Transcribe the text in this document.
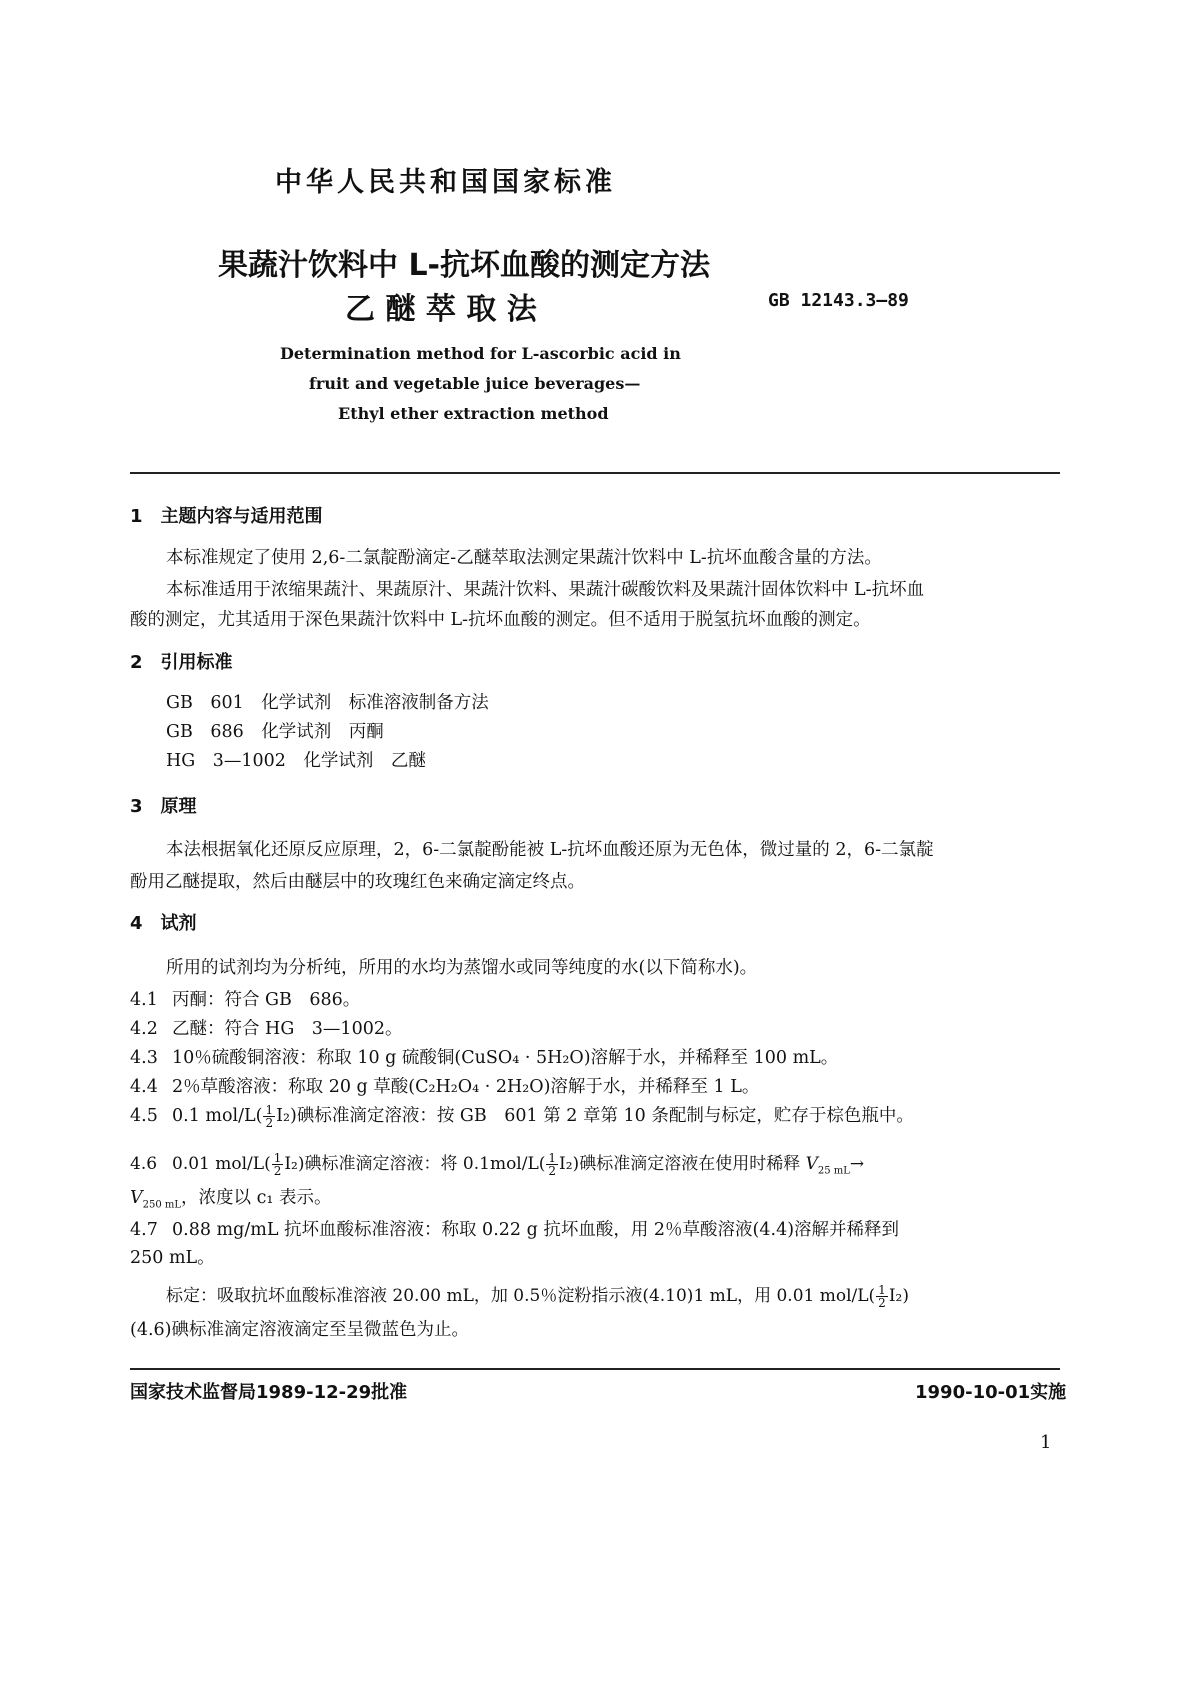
中华人民共和国国家标准
果蔬汁饮料中 L-抗坏血酸的测定方法
乙 醚 萃 取 法	GB 12143.3—89
Determination method for L-ascorbic acid in
fruit and vegetable juice beverages—
Ethyl ether extraction method
1　主题内容与适用范围
本标准规定了使用 2,6-二氯靛酚滴定-乙醚萃取法测定果蔬汁饮料中 L-抗坏血酸含量的方法。
本标准适用于浓缩果蔬汁、果蔬原汁、果蔬汁饮料、果蔬汁碳酸饮料及果蔬汁固体饮料中 L-抗坏血
酸的测定，尤其适用于深色果蔬汁饮料中 L-抗坏血酸的测定。但不适用于脱氢抗坏血酸的测定。
2　引用标准
GB　601　化学试剂　标准溶液制备方法
GB　686　化学试剂　丙酮
HG　3—1002　化学试剂　乙醚
3　原理
本法根据氧化还原反应原理，2，6-二氯靛酚能被 L-抗坏血酸还原为无色体，微过量的 2，6-二氯靛
酚用乙醚提取，然后由醚层中的玫瑰红色来确定滴定终点。
4　试剂
所用的试剂均为分析纯，所用的水均为蒸馏水或同等纯度的水(以下简称水)。
4.1 丙酮：符合 GB　686。
4.2 乙醚：符合 HG　3—1002。
4.3 10％硫酸铜溶液：称取 10 g 硫酸铜(CuSO₄ · 5H₂O)溶解于水，并稀释至 100 mL。
4.4 2％草酸溶液：称取 20 g 草酸(C₂H₂O₄ · 2H₂O)溶解于水，并稀释至 1 L。
4.5 0.1 $mol/L( \frac{1}{2} I_2)$碘标准滴定溶液：按 GB　601 第 2 章第 10 条配制与标定，贮存于棕色瓶中。
4.6 0.01 $mol/L( \frac{1}{2} I_2)$碘标准滴定溶液：将 $0.1mol/L( \frac{1}{2} I_2)$碘标准滴定溶液在使用时稀释 $V_{25 mL}\to$
$V_{250 mL}$，浓度以 c₁ 表示。
4.7 0.88 mg/mL 抗坏血酸标准溶液：称取 0.22 g 抗坏血酸，用 2％草酸溶液(4.4)溶解并稀释到
250 mL。
标定：吸取抗坏血酸标准溶液 20.00 mL，加 0.5％淀粉指示液(4.10)1 mL，用 0.01 $mol/L( \frac{1}{2} I_2)$
(4.6)碘标准滴定溶液滴定至呈微蓝色为止。
国家技术监督局1989-12-29批准	1990-10-01实施
1
